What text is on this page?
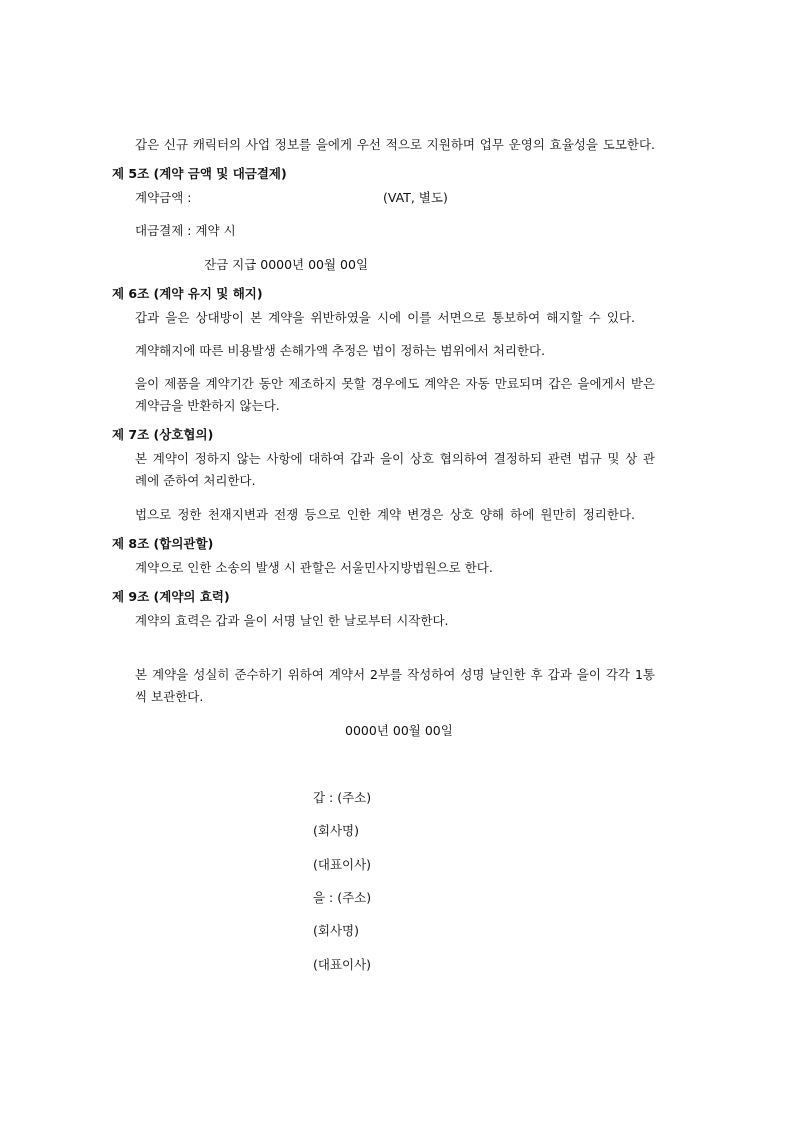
갑은 신규 캐릭터의 사업 정보를 을에게 우선 적으로 지원하며 업무 운영의 효율성을 도모한다.
제 5조 (계약 금액 및 대금결제)
계약금액 :	(VAT, 별도)
대금결제 : 계약 시
잔금 지급 0000년 00월 00일
제 6조 (계약 유지 및 해지)
갑과 을은 상대방이 본 계약을 위반하였을 시에 이를 서면으로 통보하여 해지할 수 있다.
계약해지에 따른 비용발생 손해가액 추정은 법이 정하는 범위에서 처리한다.
을이 제품을 계약기간 동안 제조하지 못할 경우에도 계약은 자동 만료되며 갑은 을에게서 받은
계약금을 반환하지 않는다.
제 7조 (상호협의)
본 계약이 정하지 않는 사항에 대하여 갑과 을이 상호 협의하여 결정하되 관련 법규 및 상 관
례에 준하여 처리한다.
법으로 정한 천재지변과 전쟁 등으로 인한 계약 변경은 상호 양해 하에 원만히 정리한다.
제 8조 (합의관할)
계약으로 인한 소송의 발생 시 관할은 서울민사지방법원으로 한다.
제 9조 (계약의 효력)
계약의 효력은 갑과 을이 서명 날인 한 날로부터 시작한다.
본 계약을 성실히 준수하기 위하여 계약서 2부를 작성하여 성명 날인한 후 갑과 을이 각각 1통
씩 보관한다.
0000년 00월 00일
갑 : (주소)
(회사명)
(대표이사)
을 : (주소)
(회사명)
(대표이사)
